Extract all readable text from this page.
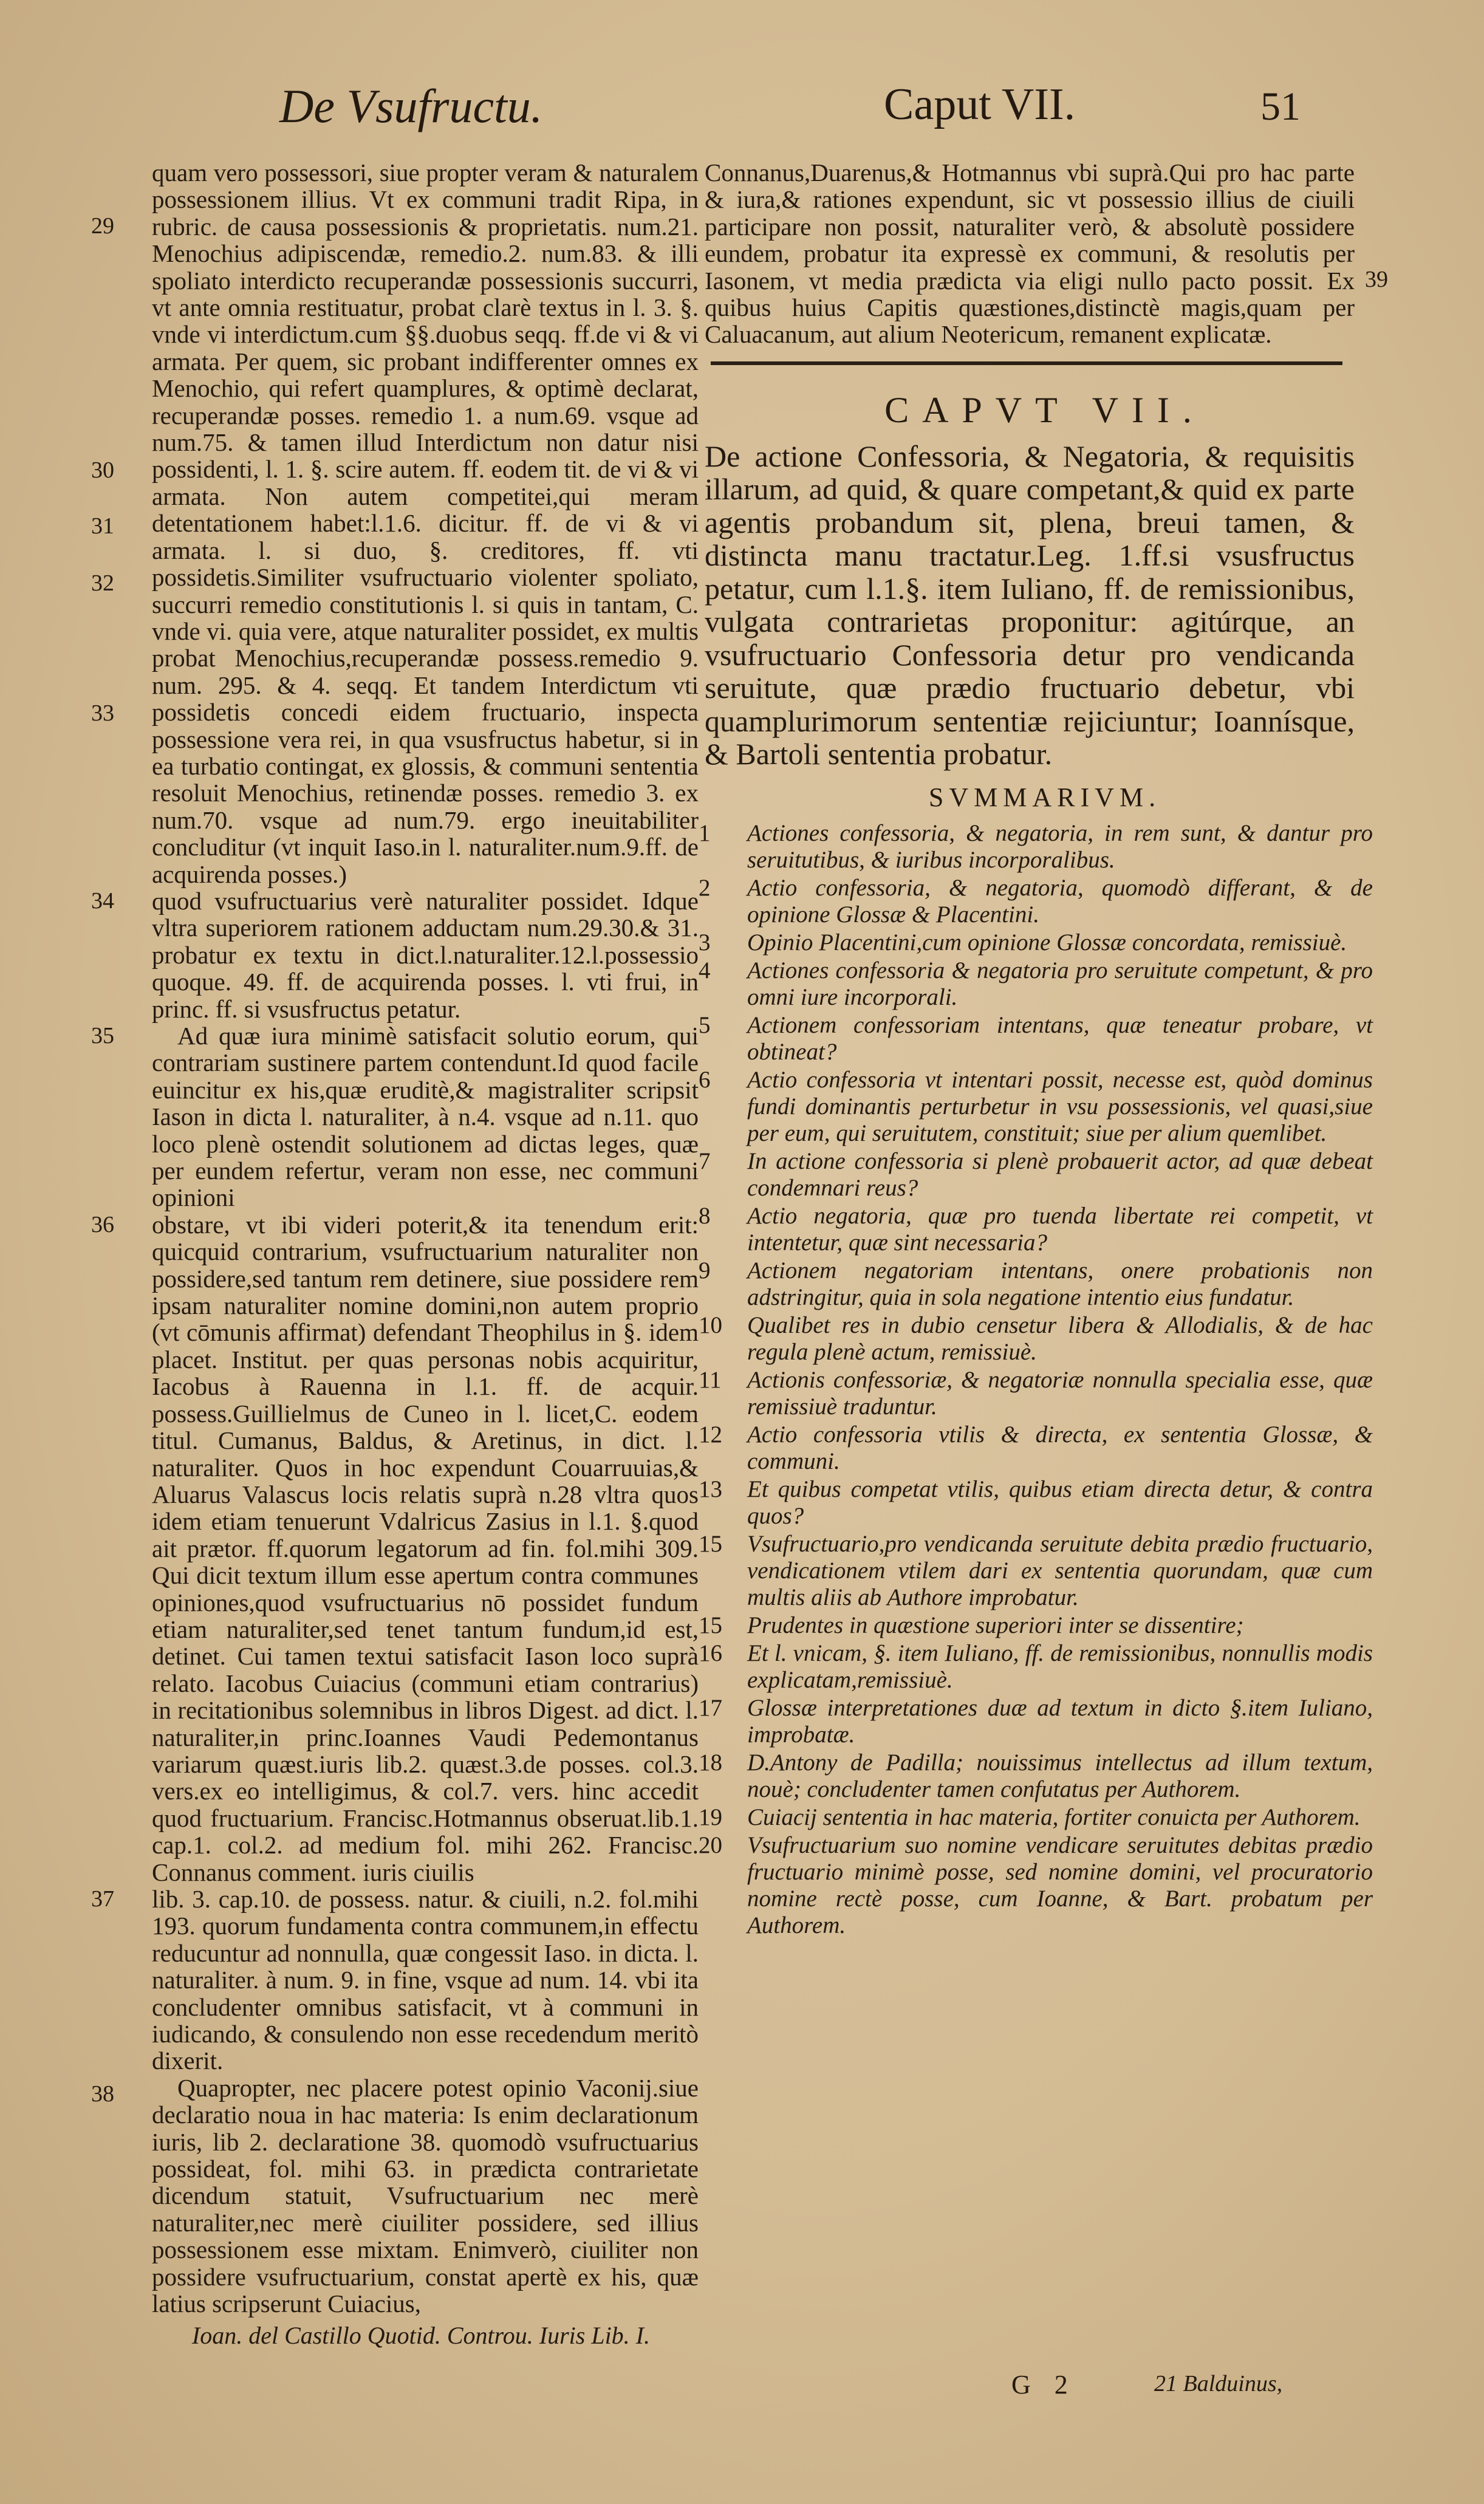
De Vsufructu.	Caput VII.	51

29
30
31
32
33
quam vero possessori, siue propter veram & naturalem possessionem illius. Vt ex communi tradit Ripa, in rubric. de causa possessionis & proprietatis. num.21. Menochius adipiscendæ, remedio.2. num.83. & illi spoliato interdicto recuperandæ possessionis succurri, vt ante omnia restituatur, probat clarè textus in l. 3. §. vnde vi interdictum.cum §§.duobus seqq. ff.de vi & vi armata. Per quem, sic probant indifferenter omnes ex Menochio, qui refert quamplures, & optimè declarat, recuperandæ posses. remedio 1. a num.69. vsque ad num.75. & tamen illud Interdictum non datur nisi possidenti, l. 1. §. scire autem. ff. eodem tit. de vi & vi armata. Non autem competitei,qui meram detentationem habet:l.1.6. dicitur. ff. de vi & vi armata. l. si duo, §. creditores, ff. vti possidetis.Similiter vsufructuario violenter spoliato, succurri remedio constitutionis l. si quis in tantam, C. vnde vi. quia vere, atque naturaliter possidet, ex multis probat Menochius,recuperandæ possess.remedio 9. num. 295. & 4. seqq. Et tandem Interdictum vti possidetis concedi eidem fructuario, inspecta possessione vera rei, in qua vsusfructus habetur, si in ea turbatio contingat, ex glossis, & communi sententia resoluit Menochius, retinendæ posses. remedio 3. ex num.70. vsque ad num.79. ergo ineuitabiliter concluditur (vt inquit Iaso.in l. naturaliter.num.9.ff. de acquirenda posses.)

34 quod vsufructuarius verè naturaliter possidet. Idque vltra superiorem rationem adductam num.29.30.& 31. probatur ex textu in dict.l.naturaliter.12.l.possessio quoque. 49. ff. de acquirenda posses. l. vti frui, in princ. ff. si vsusfructus petatur.

35	Ad quæ iura minimè satisfacit solutio eorum, qui contrariam sustinere partem contendunt.Id quod facile euincitur ex his,quæ eruditè,& magistraliter scripsit Iason in dicta l. naturaliter, à n.4. vsque ad n.11. quo loco plenè ostendit solutionem ad dictas leges, quæ per eundem refertur, veram non esse, nec communi opinioni

36 obstare, vt ibi videri poterit,& ita tenendum erit: quicquid contrarium, vsufructuarium naturaliter non possidere,sed tantum rem detinere, siue possidere rem ipsam naturaliter nomine domini,non autem proprio (vt cōmunis affirmat) defendant Theophilus in §. idem placet. Institut. per quas personas nobis acquiritur, Iacobus à Rauenna in l.1. ff. de acquir. possess.Guillielmus de Cuneo in l. licet,C. eodem titul. Cumanus, Baldus, & Aretinus, in dict. l. naturaliter. Quos in hoc expendunt Couarruuias,& Aluarus Valascus locis relatis suprà n.28 vltra quos idem etiam tenuerunt Vdalricus Zasius in l.1. §.quod ait prætor. ff.quorum legatorum ad fin. fol.mihi 309. Qui dicit textum illum esse apertum contra communes opiniones,quod vsufructuarius nō possidet fundum etiam naturaliter,sed tenet tantum fundum,id est, detinet. Cui tamen textui satisfacit Iason loco suprà relato. Iacobus Cuiacius (communi etiam contrarius) in recitationibus solemnibus in libros Digest. ad dict. l. naturaliter,in princ.Ioannes Vaudi Pedemontanus variarum quæst.iuris lib.2. quæst.3.de posses. col.3. vers.ex eo intelligimus, & col.7. vers. hinc accedit quod fructuarium. Francisc.Hotmannus obseruat.lib.1. cap.1. col.2. ad medium fol. mihi 262. Francisc. Connanus comment. iuris ciuilis

37 lib. 3. cap.10. de possess. natur. & ciuili, n.2. fol.mihi 193. quorum fundamenta contra communem,in effectu reducuntur ad nonnulla, quæ congessit Iaso. in dicta. l. naturaliter. à num. 9. in fine, vsque ad num. 14. vbi ita concludenter omnibus satisfacit, vt à communi in iudicando, & consulendo non esse recedendum meritò dixerit.

38	Quapropter, nec placere potest opinio Vaconij.siue declaratio noua in hac materia: Is enim declarationum iuris, lib 2. declaratione 38. quomodò vsufructuarius possideat, fol. mihi 63. in prædicta contrarietate dicendum statuit, Vsufructuarium nec merè naturaliter,nec merè ciuiliter possidere, sed illius possessionem esse mixtam. Enimverò, ciuiliter non possidere vsufructuarium, constat apertè ex his, quæ latius scripserunt Cuiacius,

Ioan. del Castillo Quotid. Controu. Iuris Lib. I.

39
Connanus,Duarenus,& Hotmannus vbi suprà.Qui pro hac parte & iura,& rationes expendunt, sic vt possessio illius de ciuili participare non possit, naturaliter verò, & absolutè possidere eundem, probatur ita expressè ex communi, & resolutis per Iasonem, vt media prædicta via eligi nullo pacto possit. Ex quibus huius Capitis quæstiones,distinctè magis,quam per Caluacanum, aut alium Neotericum, remanent explicatæ.

CAPVT VII.

De actione Confessoria, & Negatoria, & requisitis illarum, ad quid, & quare competant,& quid ex parte agentis probandum sit, plena, breui tamen, & distincta manu tractatur.Leg. 1.ff.si vsusfructus petatur, cum l.1.§. item Iuliano, ff. de remissionibus, vulgata contrarietas proponitur: agitúrque, an vsufructuario Confessoria detur pro vendicanda seruitute, quæ prædio fructuario debetur, vbi quamplurimorum sententiæ rejiciuntur; Ioannísque, & Bartoli sententia probatur.

SVMMARIVM.
1	Actiones confessoria, & negatoria, in rem sunt, & dantur pro seruitutibus, & iuribus incorporalibus.
2	Actio confessoria, & negatoria, quomodò differant, & de opinione Glossæ & Placentini.
3	Opinio Placentini,cum opinione Glossæ concordata, remissiuè.
4	Actiones confessoria & negatoria pro seruitute competunt, & pro omni iure incorporali.
5	Actionem confessoriam intentans, quæ teneatur probare, vt obtineat?
6	Actio confessoria vt intentari possit, necesse est, quòd dominus fundi dominantis perturbetur in vsu possessionis, vel quasi,siue per eum, qui seruitutem, constituit; siue per alium quemlibet.
7	In actione confessoria si plenè probauerit actor, ad quæ debeat condemnari reus?
8	Actio negatoria, quæ pro tuenda libertate rei competit, vt intentetur, quæ sint necessaria?
9	Actionem negatoriam intentans, onere probationis non adstringitur, quia in sola negatione intentio eius fundatur.
10	Qualibet res in dubio censetur libera & Allodialis, & de hac regula plenè actum, remissiuè.
11	Actionis confessoriæ, & negatoriæ nonnulla specialia esse, quæ remissiuè traduntur.
12	Actio confessoria vtilis & directa, ex sententia Glossæ, & communi.
13	Et quibus competat vtilis, quibus etiam directa detur, & contra quos?
15	Vsufructuario,pro vendicanda seruitute debita prædio fructuario, vendicationem vtilem dari ex sententia quorundam, quæ cum multis aliis ab Authore improbatur.
15	Prudentes in quæstione superiori inter se dissentire;
16	Et l. vnicam, §. item Iuliano, ff. de remissionibus, nonnullis modis explicatam,remissiuè.
17	Glossæ interpretationes duæ ad textum in dicto §.item Iuliano, improbatæ.
18	D.Antony de Padilla; nouissimus intellectus ad illum textum, nouè; concludenter tamen confutatus per Authorem.
19	Cuiacij sententia in hac materia, fortiter conuicta per Authorem.
20	Vsufructuarium suo nomine vendicare seruitutes debitas prædio fructuario minimè posse, sed nomine domini, vel procuratorio nomine rectè posse, cum Ioanne, & Bart. probatum per Authorem.
G 2	21 Balduinus,
